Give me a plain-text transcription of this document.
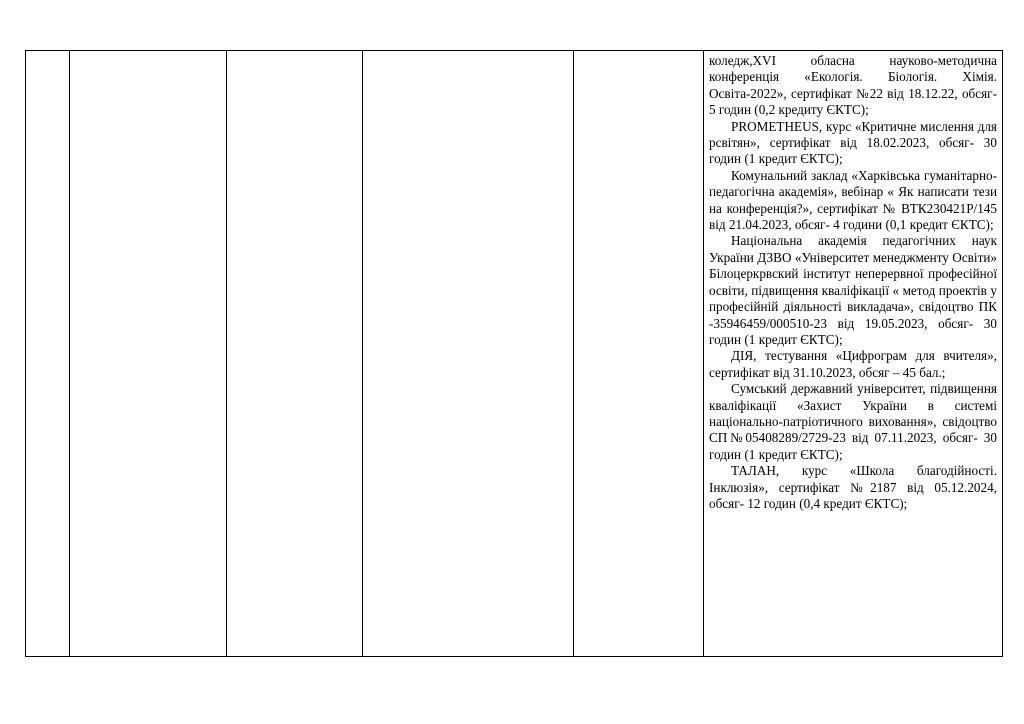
коледж,XVI обласна науково-методична конференція «Екологія. Біологія. Хімія. Освіта-2022», сертифікат №22 від 18.12.22, обсяг- 5 годин (0,2 кредиту ЄКТС);

PROMETHEUS, курс «Критичне мислення для рсвітян», сертифікат від 18.02.2023, обсяг- 30 годин (1 кредит ЄКТС);

Комунальний заклад «Харківська гуманітарно-педагогічна академія», вебінар « Як написати тези на конференція?», сертифікат № ВТК230421Р/145 від 21.04.2023, обсяг- 4 години (0,1 кредит ЄКТС);

Національна академія педагогічних наук України ДЗВО «Університет менеджменту Освіти» Білоцеркрвский інститут неперервної професійної освіти, підвищення кваліфікації « метод проектів у професійній діяльності викладача», свідоцтво ПК -35946459/000510-23 від 19.05.2023, обсяг- 30 годин (1 кредит ЄКТС);

ДІЯ, тестування «Цифрограм для вчителя», сертифікат від 31.10.2023, обсяг – 45 бал.;

Сумський державний університет, підвищення кваліфікації «Захист України в системі національно-патріотичного виховання», свідоцтво СП№05408289/2729-23 від 07.11.2023, обсяг- 30 годин (1 кредит ЄКТС);

ТАЛАН, курс «Школа благодійності. Інклюзія», сертифікат №2187 від 05.12.2024, обсяг- 12 годин (0,4 кредит ЄКТС);
